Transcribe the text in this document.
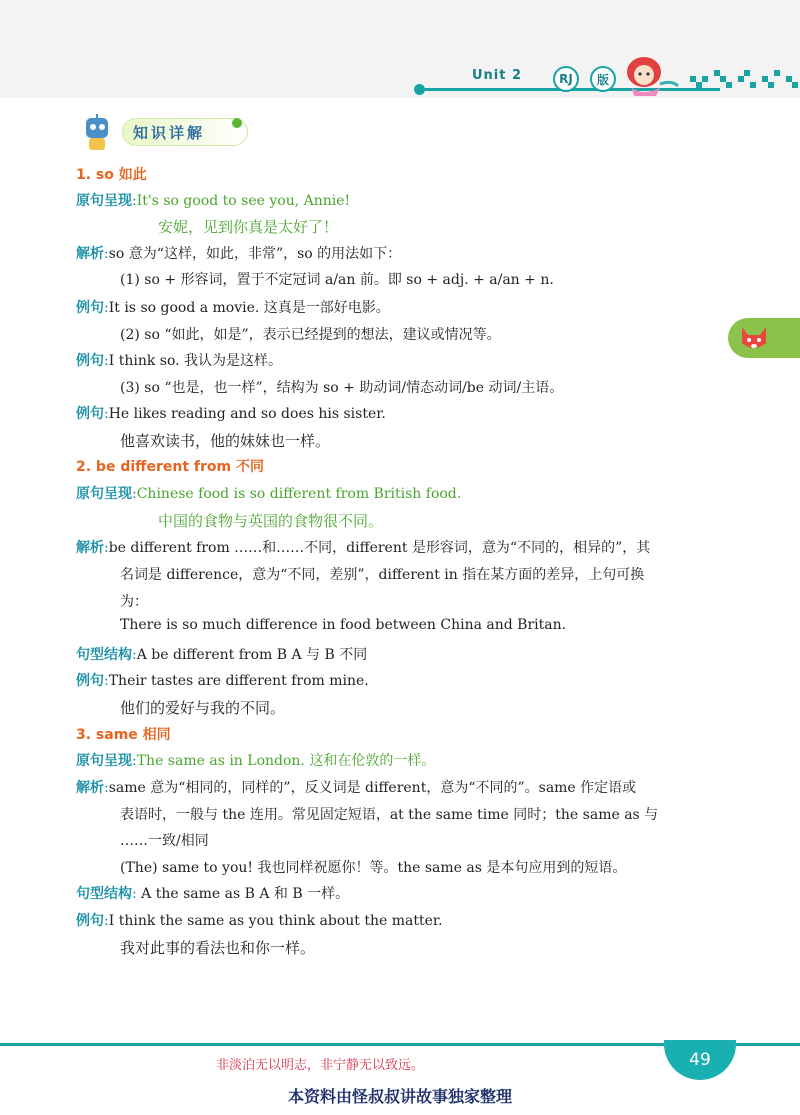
Unit 2	RJ	版
知识详解
1. so 如此
原句呈现:It's so good to see you, Annie!
安妮，见到你真是太好了！
解析:so 意为“这样，如此，非常”，so 的用法如下：
(1) so + 形容词，置于不定冠词 a/an 前。即 so + adj. + a/an + n.
例句:It is so good a movie. 这真是一部好电影。
(2) so “如此，如是”，表示已经提到的想法，建议或情况等。
例句:I think so. 我认为是这样。
(3) so “也是，也一样”，结构为 so + 助动词/情态动词/be 动词/主语。
例句:He likes reading and so does his sister.
他喜欢读书，他的妹妹也一样。
2. be different from 不同
原句呈现:Chinese food is so different from British food.
中国的食物与英国的食物很不同。
解析:be different from ……和……不同，different 是形容词，意为“不同的，相异的”，其
名词是 difference，意为“不同，差别”，different in 指在某方面的差异，上句可换
为：
There is so much difference in food between China and Britan.
句型结构:A be different from B A 与 B 不同
例句:Their tastes are different from mine.
他们的爱好与我的不同。
3. same 相同
原句呈现:The same as in London. 这和在伦敦的一样。
解析:same 意为“相同的，同样的”，反义词是 different，意为“不同的”。same 作定语或
表语时，一般与 the 连用。常见固定短语，at the same time 同时；the same as 与
……一致/相同
(The) same to you! 我也同样祝愿你！等。the same as 是本句应用到的短语。
句型结构: A the same as B A 和 B 一样。
例句:I think the same as you think about the matter.
我对此事的看法也和你一样。
非淡泊无以明志，非宁静无以致远。	49
本资料由怪叔叔讲故事独家整理
